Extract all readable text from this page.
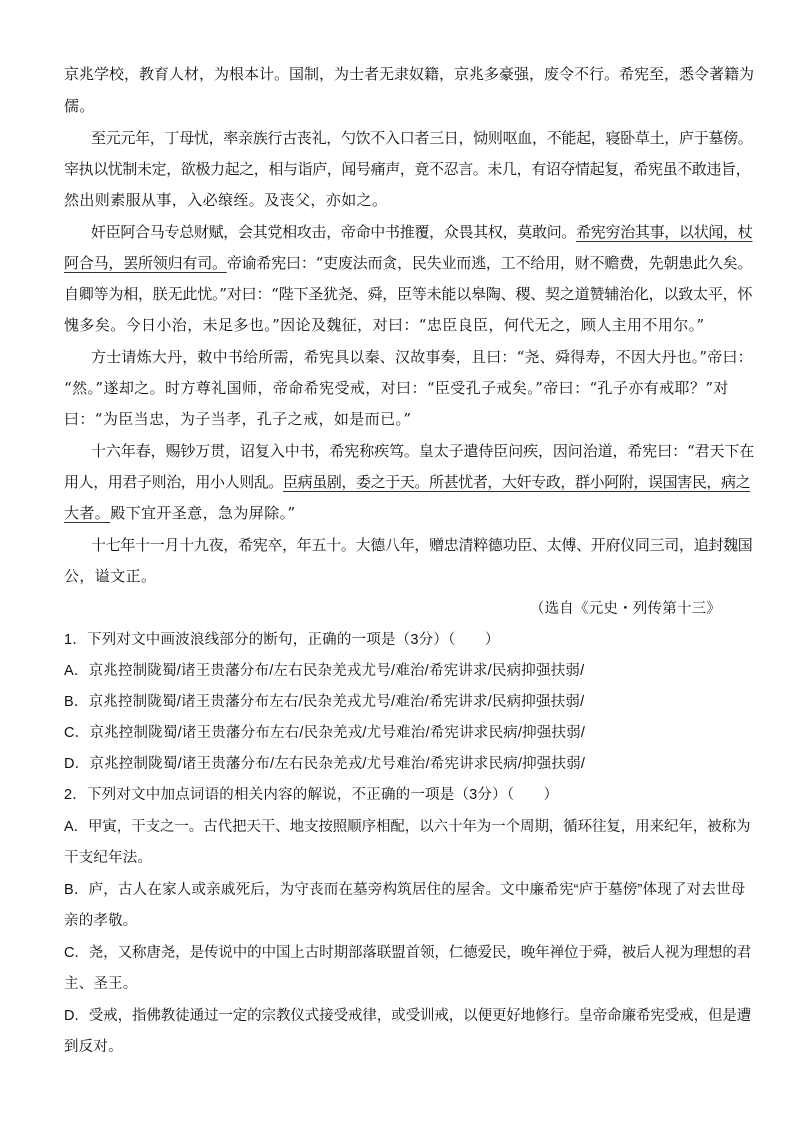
京兆学校，教育人材，为根本计。国制，为士者无隶奴籍，京兆多豪强，废令不行。希宪至，悉令著籍为
儒。
至元元年，丁母忧，率亲族行古丧礼，勺饮不入口者三日，恸则呕血，不能起，寝卧草土，庐于墓傍。
宰执以忧制未定，欲极力起之，相与诣庐，闻号痛声，竟不忍言。未几，有诏夺情起复，希宪虽不敢违旨，
然出则素服从事，入必缞绖。及丧父，亦如之。
奸臣阿合马专总财赋，会其党相攻击，帝命中书推覆，众畏其权，莫敢问。希宪穷治其事，以状闻，杖
阿合马，罢所领归有司。帝谕希宪曰：“吏废法而贪，民失业而逃，工不给用，财不赡费，先朝患此久矣。
自卿等为相，朕无此忧。”对曰：“陛下圣犹尧、舜，臣等未能以皋陶、稷、契之道赞辅治化，以致太平，怀
愧多矣。今日小治，未足多也。”因论及魏征，对曰：“忠臣良臣，何代无之，顾人主用不用尔。”
方士请炼大丹，敕中书给所需，希宪具以秦、汉故事奏，且曰：“尧、舜得寿，不因大丹也。”帝曰：
“然。”遂却之。时方尊礼国师，帝命希宪受戒，对曰：“臣受孔子戒矣。”帝曰：“孔子亦有戒耶？”对
曰：“为臣当忠，为子当孝，孔子之戒，如是而已。”
十六年春，赐钞万贯，诏复入中书，希宪称疾笃。皇太子遣侍臣问疾，因问治道，希宪曰：“君天下在
用人，用君子则治，用小人则乱。臣病虽剧，委之于天。所甚忧者，大奸专政，群小阿附，误国害民，病之
大者。殿下宜开圣意，急为屏除。”
十七年十一月十九夜，希宪卒，年五十。大德八年，赠忠清粹德功臣、太傅、开府仪同三司，追封魏国
公，谥文正。
（选自《元史・列传第十三》
1．下列对文中画波浪线部分的断句，正确的一项是（3分）（　　）
A．京兆控制陇蜀/诸王贵藩分布/左右民杂羌戎尤号/难治/希宪讲求/民病抑强扶弱/
B．京兆控制陇蜀/诸王贵藩分布左右/民杂羌戎尤号/难治/希宪讲求/民病抑强扶弱/
C．京兆控制陇蜀/诸王贵藩分布左右/民杂羌戎/尤号难治/希宪讲求民病/抑强扶弱/
D．京兆控制陇蜀/诸王贵藩分布/左右民杂羌戎/尤号难治/希宪讲求民病/抑强扶弱/
2．下列对文中加点词语的相关内容的解说，不正确的一项是（3分）（　　）
A．甲寅，干支之一。古代把天干、地支按照顺序相配，以六十年为一个周期，循环往复，用来纪年，被称为
干支纪年法。
B．庐，古人在家人或亲戚死后，为守丧而在墓旁构筑居住的屋舍。文中廉希宪“庐于墓傍”体现了对去世母
亲的孝敬。
C．尧，又称唐尧，是传说中的中国上古时期部落联盟首领，仁德爱民，晚年禅位于舜，被后人视为理想的君
主、圣王。
D．受戒，指佛教徒通过一定的宗教仪式接受戒律，或受训戒，以便更好地修行。皇帝命廉希宪受戒，但是遭
到反对。
